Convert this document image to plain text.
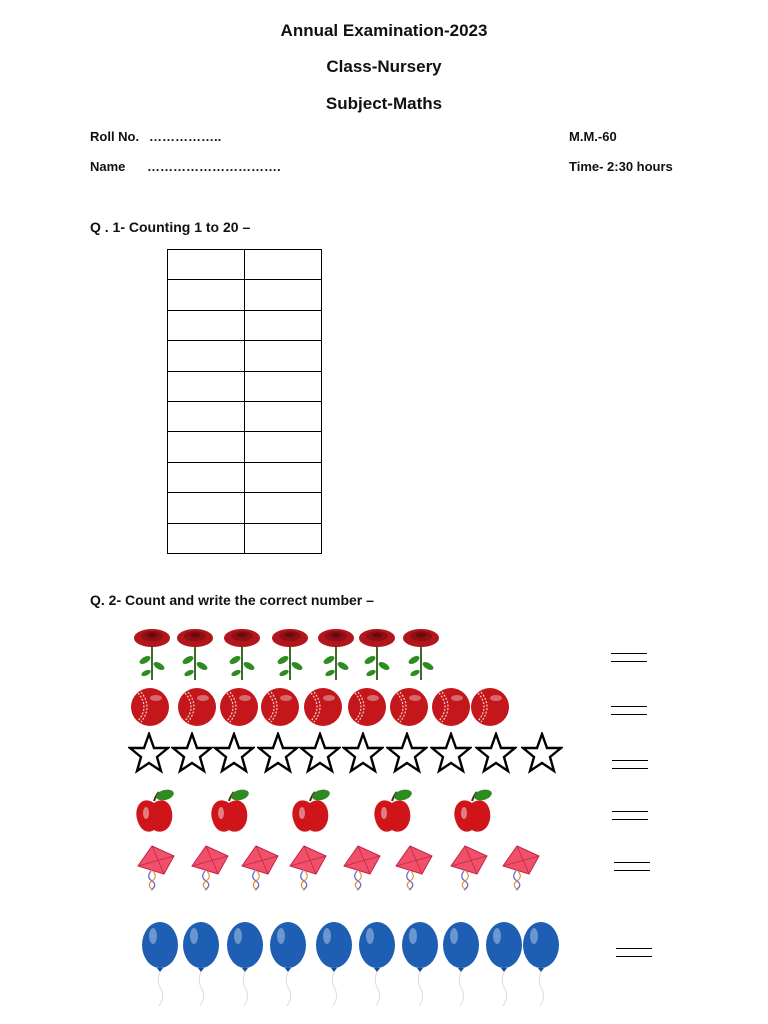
Annual Examination-2023
Class-Nursery
Subject-Maths
Roll No. ……………..
Name ………………………….
M.M.-60
Time- 2:30 hours
Q . 1- Counting 1 to 20 –

Q. 2- Count and write the correct number –
